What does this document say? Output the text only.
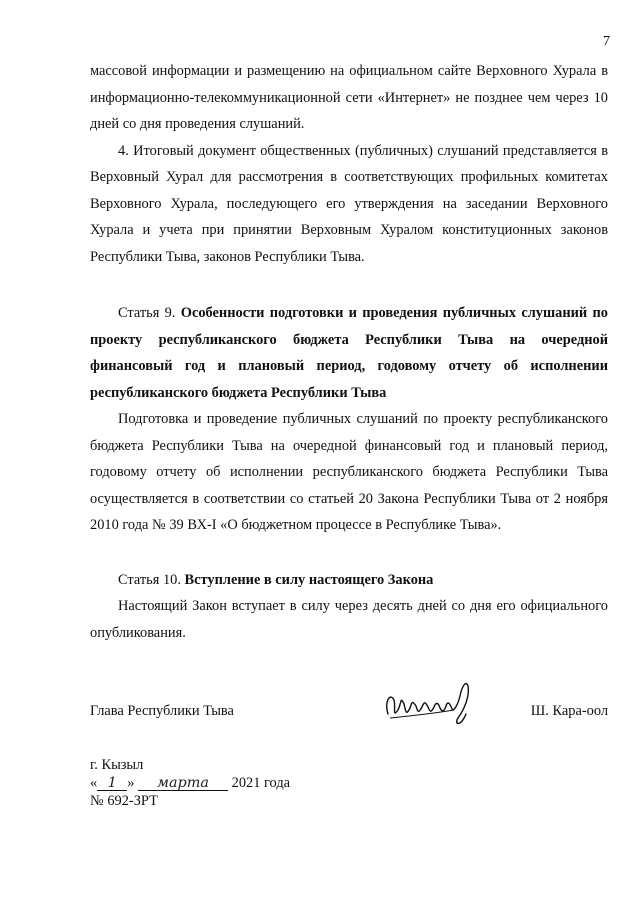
7

массовой информации и размещению на официальном сайте Верховного Хурала в информационно-телекоммуникационной сети «Интернет» не позднее чем через 10 дней со дня проведения слушаний.

4. Итоговый документ общественных (публичных) слушаний представляется в Верховный Хурал для рассмотрения в соответствующих профильных комитетах Верховного Хурала, последующего его утверждения на заседании Верховного Хурала и учета при принятии Верховным Хуралом конституционных законов Республики Тыва, законов Республики Тыва.

Статья 9. Особенности подготовки и проведения публичных слушаний по проекту республиканского бюджета Республики Тыва на очередной финансовый год и плановый период, годовому отчету об исполнении республиканского бюджета Республики Тыва

Подготовка и проведение публичных слушаний по проекту республиканского бюджета Республики Тыва на очередной финансовый год и плановый период, годовому отчету об исполнении республиканского бюджета Республики Тыва осуществляется в соответствии со статьей 20 Закона Республики Тыва от 2 ноября 2010 года № 39 ВХ-I «О бюджетном процессе в Республике Тыва».

Статья 10. Вступление в силу настоящего Закона

Настоящий Закон вступает в силу через десять дней со дня его официального опубликования.

Глава Республики Тыва	Ш. Кара-оол
г. Кызыл
« 1 » марта 2021 года
№ 692-ЗРТ
